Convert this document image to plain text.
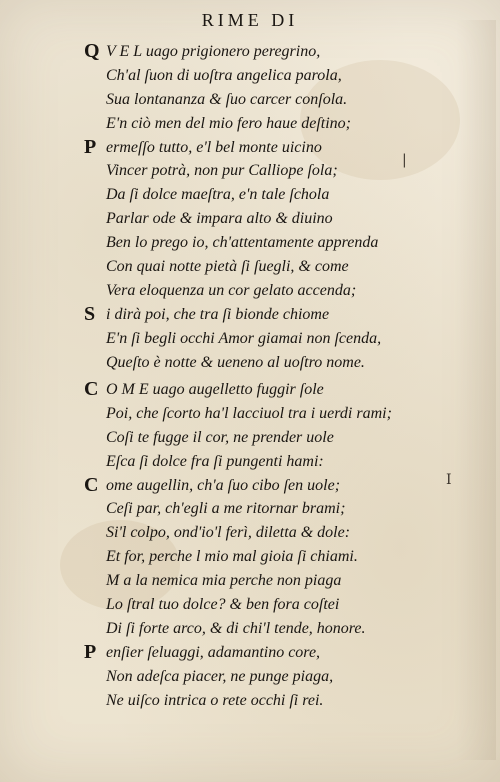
RIME DI
Q V E L uago prigionero peregrino,
Ch'al ſuon di uoſtra angelica parola,
Sua lontananza & ſuo carcer conſola.
E'n ciò men del mio fero haue deſtino;
P ermeſſo tutto, e'l bel monte uicino
Vincer potrà, non pur Calliope ſola;
Da ſi dolce maeſtra, e'n tale ſchola
Parlar ode & impara alto & diuino
Ben lo prego io, ch'attentamente apprenda
Con quai notte pietà ſi ſuegli, & come
Vera eloquenza un cor gelato accenda;
S i dirà poi, che tra ſi bionde chiome
E'n ſi begli occhi Amor giamai non ſcenda,
Queſto è notte & ueneno al uoſtro nome.
C O M E uago augelletto fuggir ſole
Poi, che ſcorto ha'l lacciuol tra i uerdi rami;
Coſi te fugge il cor, ne prender uole
Eſca ſi dolce fra ſi pungenti hami:
C ome augellin, ch'a ſuo cibo ſen uole;
Ceſi par, ch'egli a me ritornar brami;
Si'l colpo, ond'io'l ferì, diletta & dole:
Et for, perche l mio mal gioia ſi chiami.
M a la nemica mia perche non piaga
Lo ſtral tuo dolce? & ben fora coſtei
Di ſi forte arco, & di chi'l tende, honore.
P enſier ſeluaggi, adamantino core,
Non adeſca piacer, ne punge piaga,
Ne uiſco intrica o rete occhi ſi rei.
|
I
